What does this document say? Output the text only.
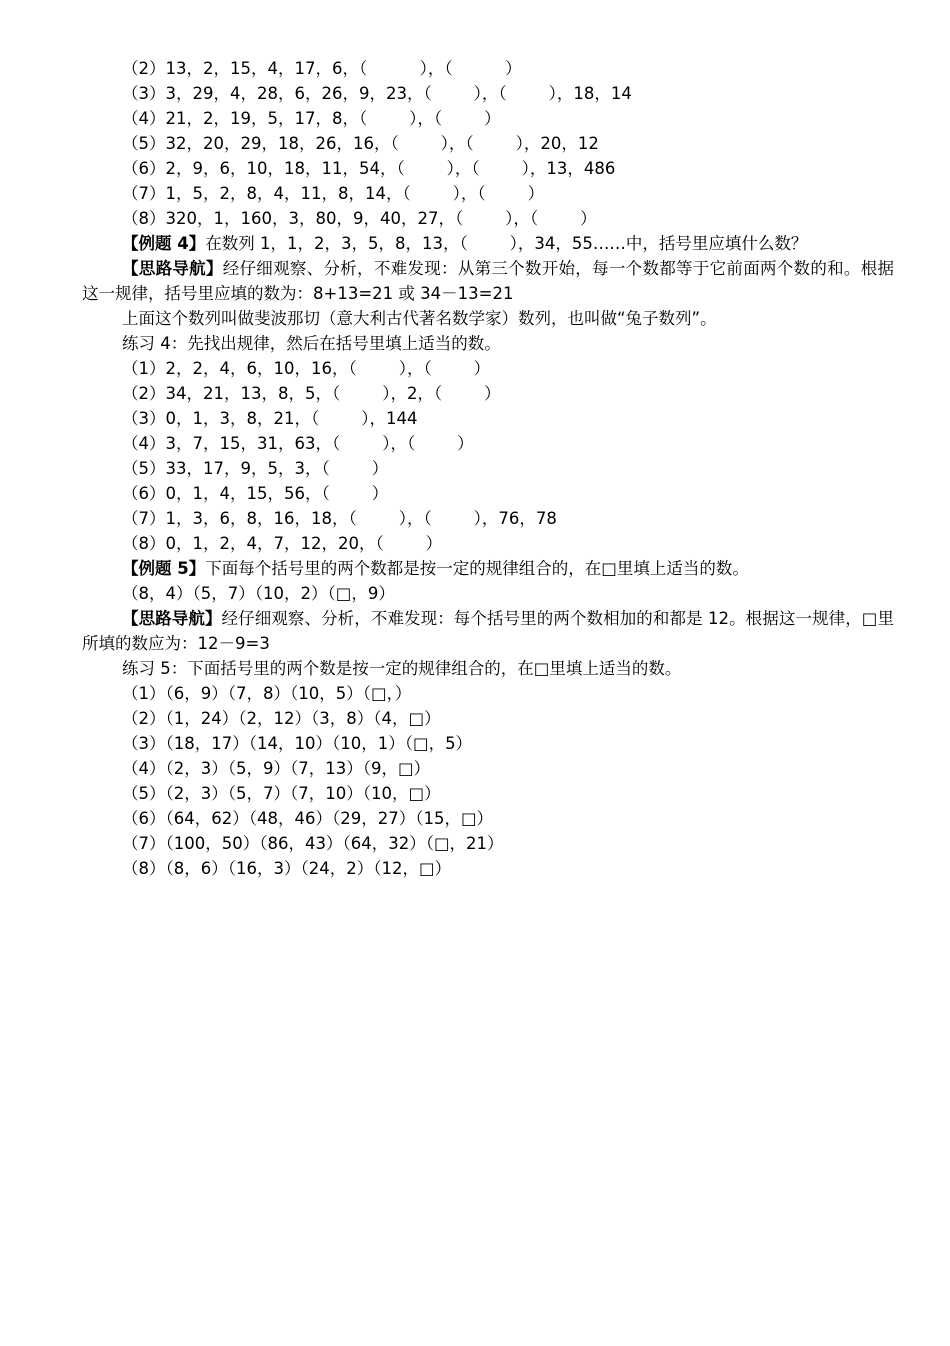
（2）13，2，15，4，17，6，（          ），（          ）
（3）3，29，4，28，6，26，9，23，（        ），（        ），18，14
（4）21，2，19，5，17，8，（        ），（        ）
（5）32，20，29，18，26，16，（        ），（        ），20，12
（6）2，9，6，10，18，11，54，（        ），（        ），13，486
（7）1，5，2，8，4，11，8，14，（        ），（        ）
（8）320，1，160，3，80，9，40，27，（        ），（        ）
【例题 4】在数列 1，1，2，3，5，8，13，（        ），34，55……中，括号里应填什么数？
【思路导航】经仔细观察、分析，不难发现：从第三个数开始，每一个数都等于它前面两个数的和。根据这一规律，括号里应填的数为：8+13=21 或 34－13=21
上面这个数列叫做斐波那切（意大利古代著名数学家）数列，也叫做“兔子数列”。
练习 4：先找出规律，然后在括号里填上适当的数。
（1）2，2，4，6，10，16，（        ），（        ）
（2）34，21，13，8，5，（        ），2，（        ）
（3）0，1，3，8，21，（        ），144
（4）3，7，15，31，63，（        ），（        ）
（5）33，17，9，5，3，（        ）
（6）0，1，4，15，56，（        ）
（7）1，3，6，8，16，18，（        ），（        ），76，78
（8）0，1，2，4，7，12，20，（        ）
【例题 5】下面每个括号里的两个数都是按一定的规律组合的，在□里填上适当的数。
（8，4）（5，7）（10，2）（□，9）
【思路导航】经仔细观察、分析，不难发现：每个括号里的两个数相加的和都是 12。根据这一规律，□里所填的数应为：12－9=3
练习 5：下面括号里的两个数是按一定的规律组合的，在□里填上适当的数。
（1）（6，9）（7，8）（10，5）（□，）
（2）（1，24）（2，12）（3，8）（4，□）
（3）（18，17）（14，10）（10，1）（□，5）
（4）（2，3）（5，9）（7，13）（9，□）
（5）（2，3）（5，7）（7，10）（10，□）
（6）（64，62）（48，46）（29，27）（15，□）
（7）（100，50）（86，43）（64，32）（□，21）
（8）（8，6）（16，3）（24，2）（12，□）
